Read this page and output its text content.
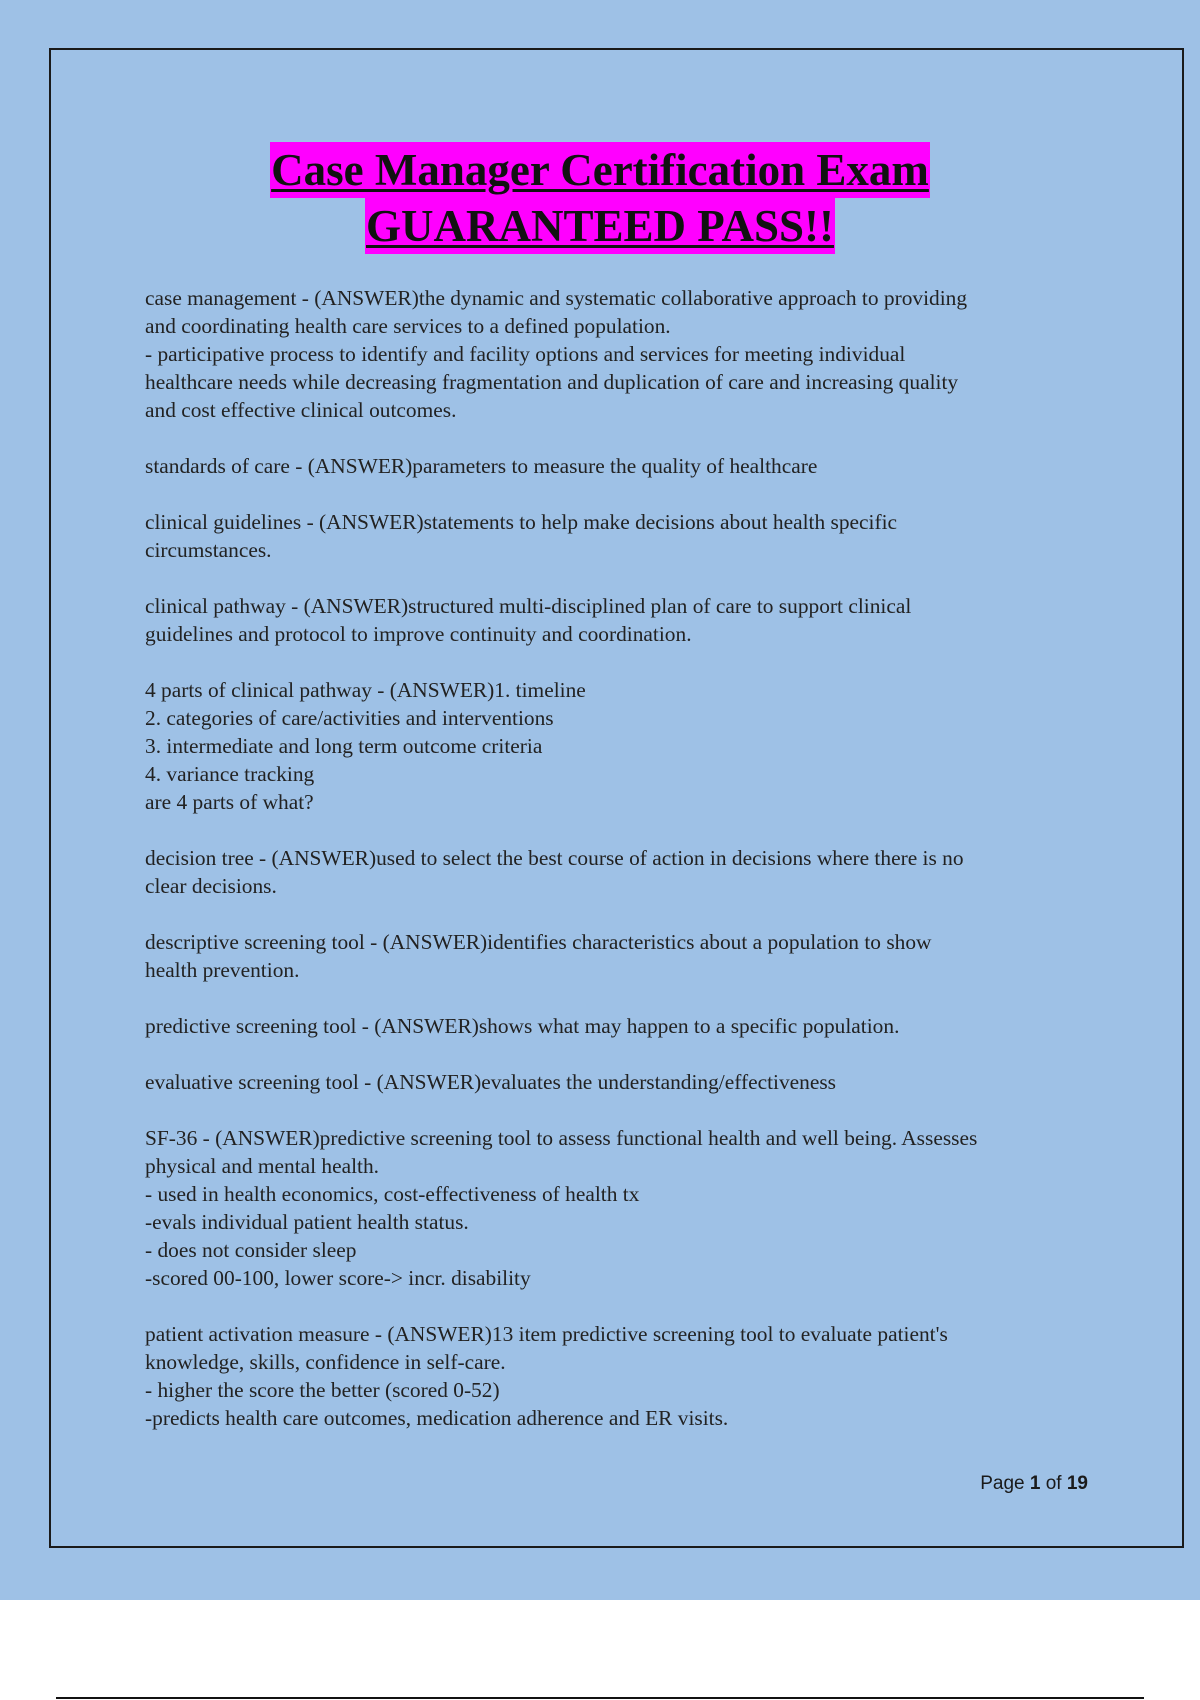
Case Manager Certification Exam
GUARANTEED PASS!!
case management - (ANSWER)the dynamic and systematic collaborative approach to providing
and coordinating health care services to a defined population.
- participative process to identify and facility options and services for meeting individual
healthcare needs while decreasing fragmentation and duplication of care and increasing quality
and cost effective clinical outcomes.
standards of care - (ANSWER)parameters to measure the quality of healthcare
clinical guidelines - (ANSWER)statements to help make decisions about health specific
circumstances.
clinical pathway - (ANSWER)structured multi-disciplined plan of care to support clinical
guidelines and protocol to improve continuity and coordination.
4 parts of clinical pathway - (ANSWER)1. timeline
2. categories of care/activities and interventions
3. intermediate and long term outcome criteria
4. variance tracking
are 4 parts of what?
decision tree - (ANSWER)used to select the best course of action in decisions where there is no
clear decisions.
descriptive screening tool - (ANSWER)identifies characteristics about a population to show
health prevention.
predictive screening tool - (ANSWER)shows what may happen to a specific population.
evaluative screening tool - (ANSWER)evaluates the understanding/effectiveness
SF-36 - (ANSWER)predictive screening tool to assess functional health and well being. Assesses
physical and mental health.
- used in health economics, cost-effectiveness of health tx
-evals individual patient health status.
- does not consider sleep
-scored 00-100, lower score-> incr. disability
patient activation measure - (ANSWER)13 item predictive screening tool to evaluate patient's
knowledge, skills, confidence in self-care.
- higher the score the better (scored 0-52)
-predicts health care outcomes, medication adherence and ER visits.
Page 1 of 19
